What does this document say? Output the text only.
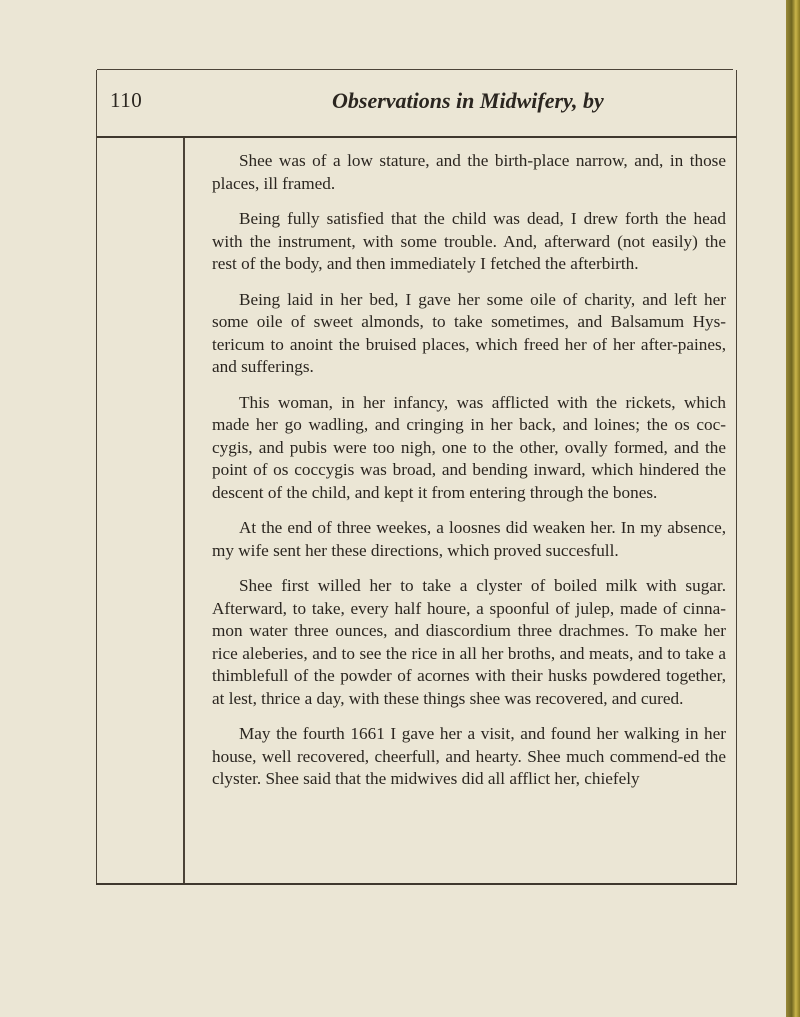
110	Observations in Midwifery, by

Shee was of a low stature, and the birth-place narrow, and, in those places, ill framed.

Being fully satisfied that the child was dead, I drew forth the head with the instrument, with some trouble. And, afterward (not easily) the rest of the body, and then immediately I fetched the afterbirth.

Being laid in her bed, I gave her some oile of charity, and left her some oile of sweet almonds, to take sometimes, and Balsamum Hys-tericum to anoint the bruised places, which freed her of her after-paines, and sufferings.

This woman, in her infancy, was afflicted with the rickets, which made her go wadling, and cringing in her back, and loines; the os coc-cygis, and pubis were too nigh, one to the other, ovally formed, and the point of os coccygis was broad, and bending inward, which hindered the descent of the child, and kept it from entering through the bones.

At the end of three weekes, a loosnes did weaken her. In my absence, my wife sent her these directions, which proved succesfull.

Shee first willed her to take a clyster of boiled milk with sugar. Afterward, to take, every half houre, a spoonful of julep, made of cinna-mon water three ounces, and diascordium three drachmes. To make her rice aleberies, and to see the rice in all her broths, and meats, and to take a thimblefull of the powder of acornes with their husks powdered together, at lest, thrice a day, with these things shee was recovered, and cured.

May the fourth 1661 I gave her a visit, and found her walking in her house, well recovered, cheerfull, and hearty. Shee much commend-ed the clyster. Shee said that the midwives did all afflict her, chiefely
